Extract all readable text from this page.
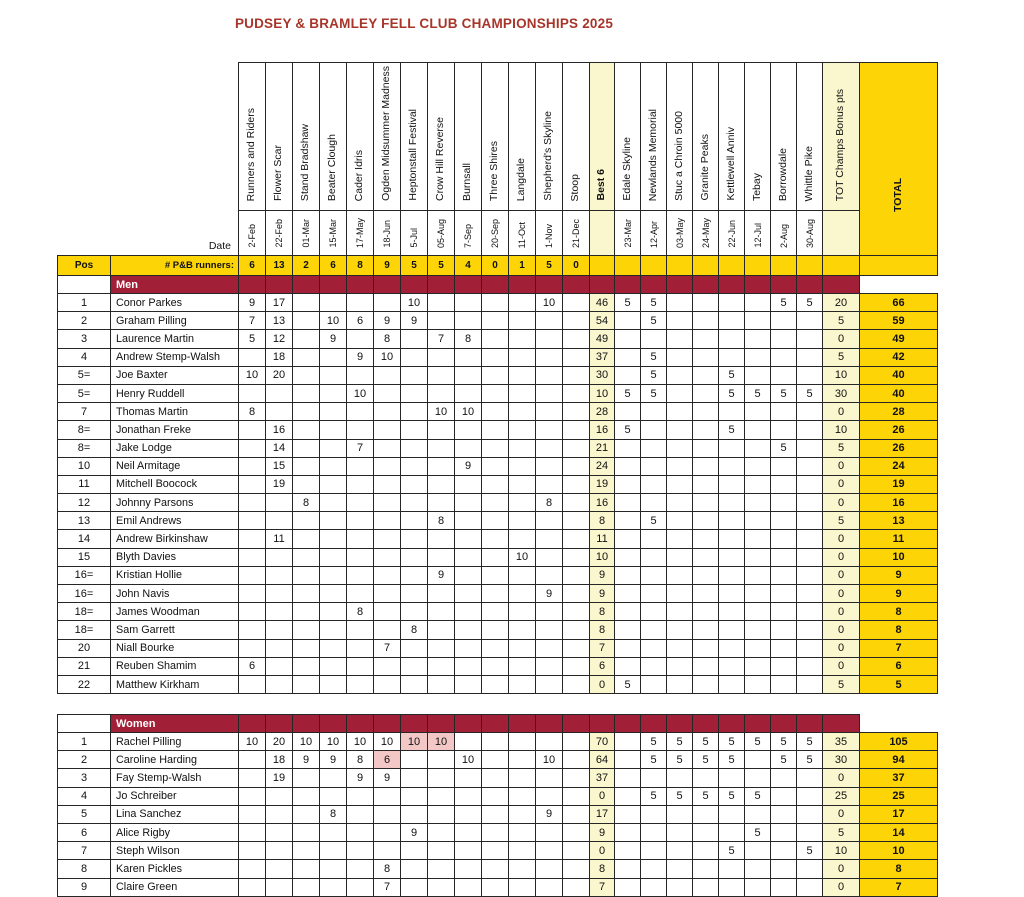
PUDSEY & BRAMLEY FELL CLUB CHAMPIONSHIPS 2025
		Runners and Riders	Flower Scar	Stand Bradshaw	Beater Clough	Cader Idris	Ogden Midsummer Madness	Heptonstall Festival	Crow Hill Reverse	Burnsall	Three Shires	Langdale	Shepherd's Skyline	Stoop	Best 6	Edale Skyline	Newlands Memorial	Stuc a Chroin 5000	Granite Peaks	Kettlewell Anniv	Tebay	Borrowdale	Whittle Pike	TOT Champs Bonus pts	TOTAL
Date		2-Feb	22-Feb	01-Mar	15-Mar	17-May	18-Jun	5-Jul	05-Aug	7-Sep	20-Sep	11-Oct	1-Nov	21-Dec		23-Mar	12-Apr	03-May	24-May	22-Jun	12-Jul	2-Aug	30-Aug		
Pos	# P&B runners:	6	13	2	6	8	9	5	5	4	0	1	5	0											
	Men																								
1	Conor Parkes	9	17					10					10		46	5	5					5	5	20	66
2	Graham Pilling	7	13		10	6	9	9							54		5							5	59
3	Laurence Martin	5	12		9		8		7	8					49									0	49
4	Andrew Stemp-Walsh		18			9	10								37		5							5	42
5=	Joe Baxter	10	20												30		5			5				10	40
5=	Henry Ruddell					10									10	5	5			5	5	5	5	30	40
7	Thomas Martin	8							10	10					28									0	28
8=	Jonathan Freke		16												16	5				5				10	26
8=	Jake Lodge		14			7									21							5		5	26
10	Neil Armitage		15							9					24									0	24
11	Mitchell Boocock		19												19									0	19
12	Johnny Parsons			8									8		16									0	16
13	Emil Andrews								8						8		5							5	13
14	Andrew Birkinshaw		11												11									0	11
15	Blyth Davies											10			10									0	10
16=	Kristian Hollie								9						9									0	9
16=	John Navis												9		9									0	9
18=	James Woodman					8									8									0	8
18=	Sam Garrett							8							8									0	8
20	Niall Bourke						7								7									0	7
21	Reuben Shamim	6													6									0	6
22	Matthew Kirkham														0	5								5	5
	Women																								
1	Rachel Pilling	10	20	10	10	10	10	10	10						70		5	5	5	5	5	5	5	35	105
2	Caroline Harding		18	9	9	8	6			10			10		64		5	5	5	5		5	5	30	94
3	Fay Stemp-Walsh		19			9	9								37									0	37
4	Jo Schreiber														0		5	5	5	5	5			25	25
5	Lina Sanchez				8								9		17									0	17
6	Alice Rigby							9							9						5			5	14
7	Steph Wilson														0					5			5	10	10
8	Karen Pickles						8								8									0	8
9	Claire Green						7								7									0	7
